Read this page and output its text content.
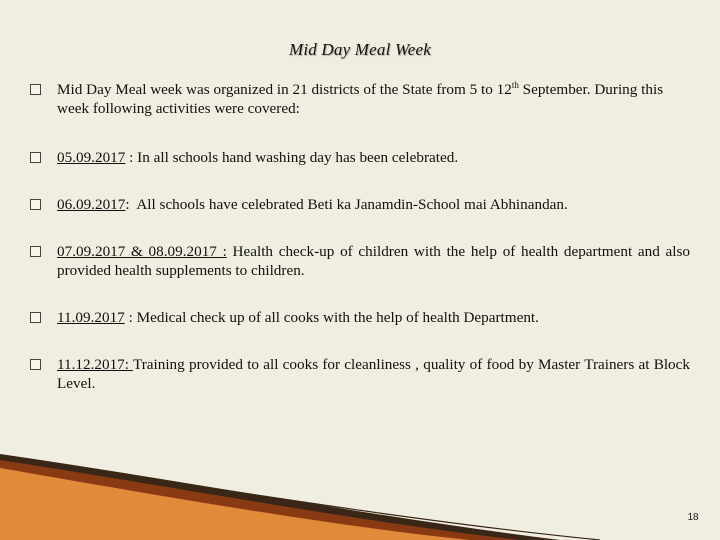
Mid Day Meal Week
Mid Day Meal week was organized in 21 districts of the State from 5 to 12th September. During this week following activities were covered:
05.09.2017 : In all schools hand washing day has been celebrated.
06.09.2017:  All schools have celebrated Beti ka Janamdin-School mai Abhinandan.
07.09.2017 & 08.09.2017 : Health check-up of children with the help of health department and also provided health supplements to children.
11.09.2017 : Medical check up of all cooks with the help of health Department.
11.12.2017: Training provided to all cooks for cleanliness , quality of food by Master Trainers at Block Level.
18
